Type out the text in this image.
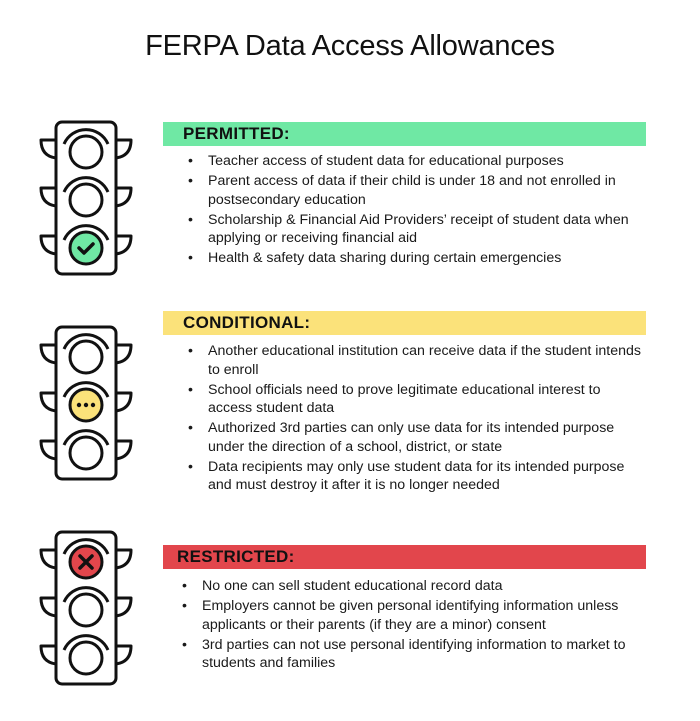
FERPA Data Access Allowances
PERMITTED:
• Teacher access of student data for educational purposes
• Parent access of data if their child is under 18 and not enrolled in postsecondary education
• Scholarship & Financial Aid Providers’ receipt of student data when applying or receiving financial aid
• Health & safety data sharing during certain emergencies
CONDITIONAL:
• Another educational institution can receive data if the student intends to enroll
• School officials need to prove legitimate educational interest to access student data
• Authorized 3rd parties can only use data for its intended purpose under the direction of a school, district, or state
• Data recipients may only use student data for its intended purpose and must destroy it after it is no longer needed
RESTRICTED:
• No one can sell student educational record data
• Employers cannot be given personal identifying information unless applicants or their parents (if they are a minor) consent
• 3rd parties can not use personal identifying information to market to students and families
